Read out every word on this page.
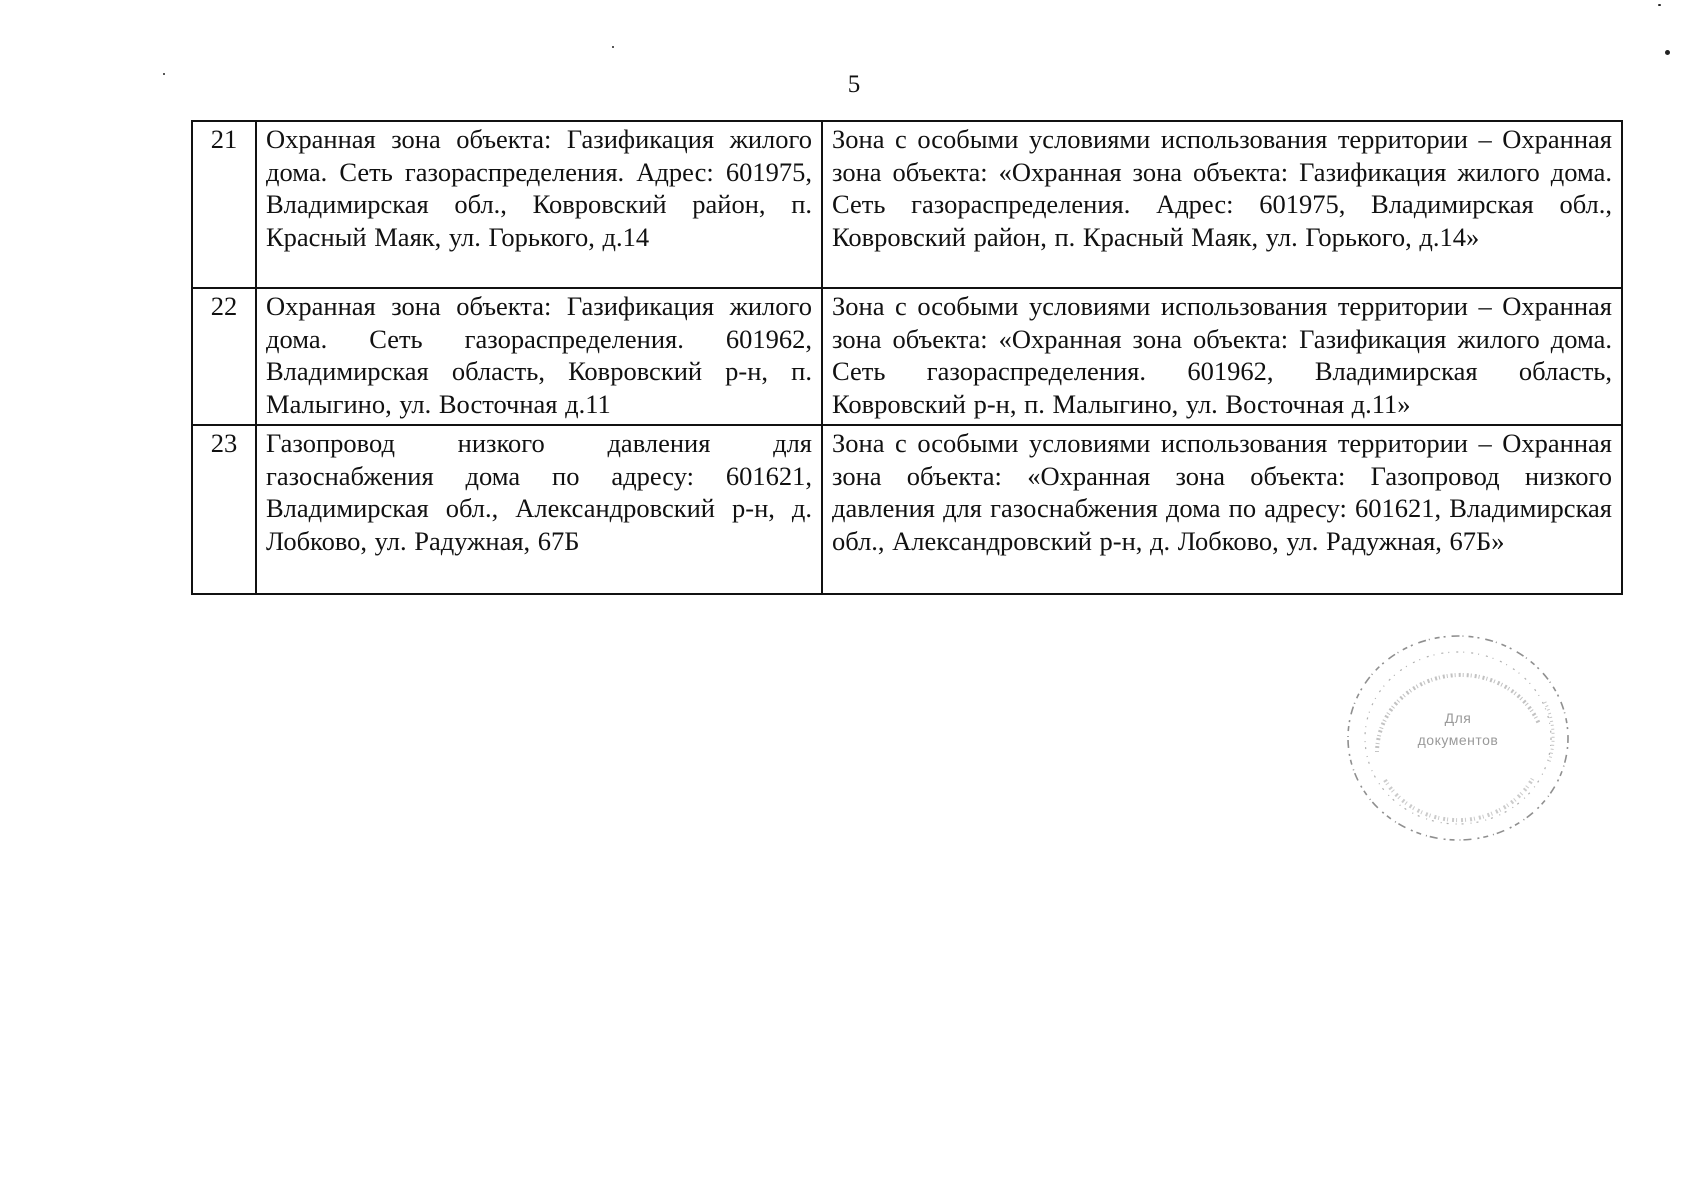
5
21	Охранная зона объекта: Газификация жилого дома. Сеть газораспределения. Адрес: 601975, Владимирская обл., Ковровский район, п. Красный Маяк, ул. Горького, д.14	Зона с особыми условиями использования территории – Охранная зона объекта: «Охранная зона объекта: Газификация жилого дома. Сеть газораспределения. Адрес: 601975, Владимирская обл., Ковровский район, п. Красный Маяк, ул. Горького, д.14»
22	Охранная зона объекта: Газификация жилого дома. Сеть газораспределения. 601962, Владимирская область, Ковровский р-н, п. Малыгино, ул. Восточная д.11	Зона с особыми условиями использования территории – Охранная зона объекта: «Охранная зона объекта: Газификация жилого дома. Сеть газораспределения. 601962, Владимирская область, Ковровский р-н, п. Малыгино, ул. Восточная д.11»
23	Газопровод низкого давления для газоснабжения дома по адресу: 601621, Владимирская обл., Александровский р-н, д. Лобково, ул. Радужная, 67Б	Зона с особыми условиями использования территории – Охранная зона объекта: «Охранная зона объекта: Газопровод низкого давления для газоснабжения дома по адресу: 601621, Владимирская обл., Александровский р-н, д. Лобково, ул. Радужная, 67Б»
Для
документов
